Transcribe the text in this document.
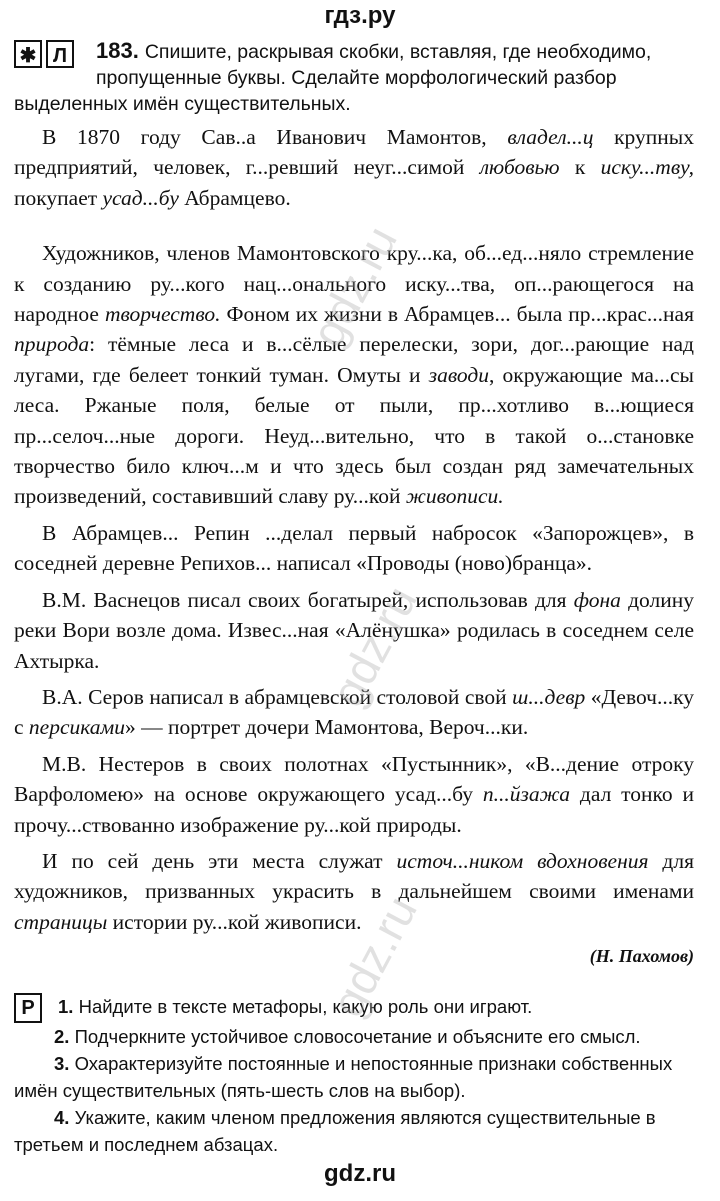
гдз.ру
✱ Л	183. Спишите, раскрывая скобки, вставляя, где необходимо, пропущенные буквы. Сделайте морфологический разбор выделенных имён существительных.

В 1870 году Сав..а Иванович Мамонтов, владел...ц крупных предприятий, человек, г...ревший неуг...симой любовью к иску...тву, покупает усад...бу Абрамцево.

Художников, членов Мамонтовского кру...ка, об...ед...няло стремление к созданию ру...кого нац...онального иску...тва, оп...рающегося на народное творчество. Фоном их жизни в Абрамцев... была пр...крас...ная природа: тёмные леса и в...сёлые перелески, зори, дог...рающие над лугами, где белеет тонкий туман. Омуты и заводи, окружающие ма...сы леса. Ржаные поля, белые от пыли, пр...хотливо в...ющиеся пр...селоч...ные дороги. Неуд...вительно, что в такой о...становке творчество било ключ...м и что здесь был создан ряд замечательных произведений, составивший славу ру...кой живописи.

В Абрамцев... Репин ...делал первый набросок «Запорожцев», в соседней деревне Репихов... написал «Проводы (ново)бранца».

В.М. Васнецов писал своих богатырей, использовав для фона долину реки Вори возле дома. Извес...ная «Алёнушка» родилась в соседнем селе Ахтырка.

В.А. Серов написал в абрамцевской столовой свой ш...девр «Девоч...ку с персиками» — портрет дочери Мамонтова, Вероч...ки.

М.В. Нестеров в своих полотнах «Пустынник», «В...дение отроку Варфоломею» на основе окружающего усад...бу п...йзажа дал тонко и прочу...ствованно изображение ру...кой природы.

И по сей день эти места служат источ...ником вдохновения для художников, призванных украсить в дальнейшем своими именами страницы истории ру...кой живописи.

(Н. Пахомов)

Р 1. Найдите в тексте метафоры, какую роль они играют.

2. Подчеркните устойчивое словосочетание и объясните его смысл.

3. Охарактеризуйте постоянные и непостоянные признаки собственных имён существительных (пять-шесть слов на выбор).

4. Укажите, каким членом предложения являются существительные в третьем и последнем абзацах.

gdz.ru
gdz.ru
gdz.ru
gdz.ru
